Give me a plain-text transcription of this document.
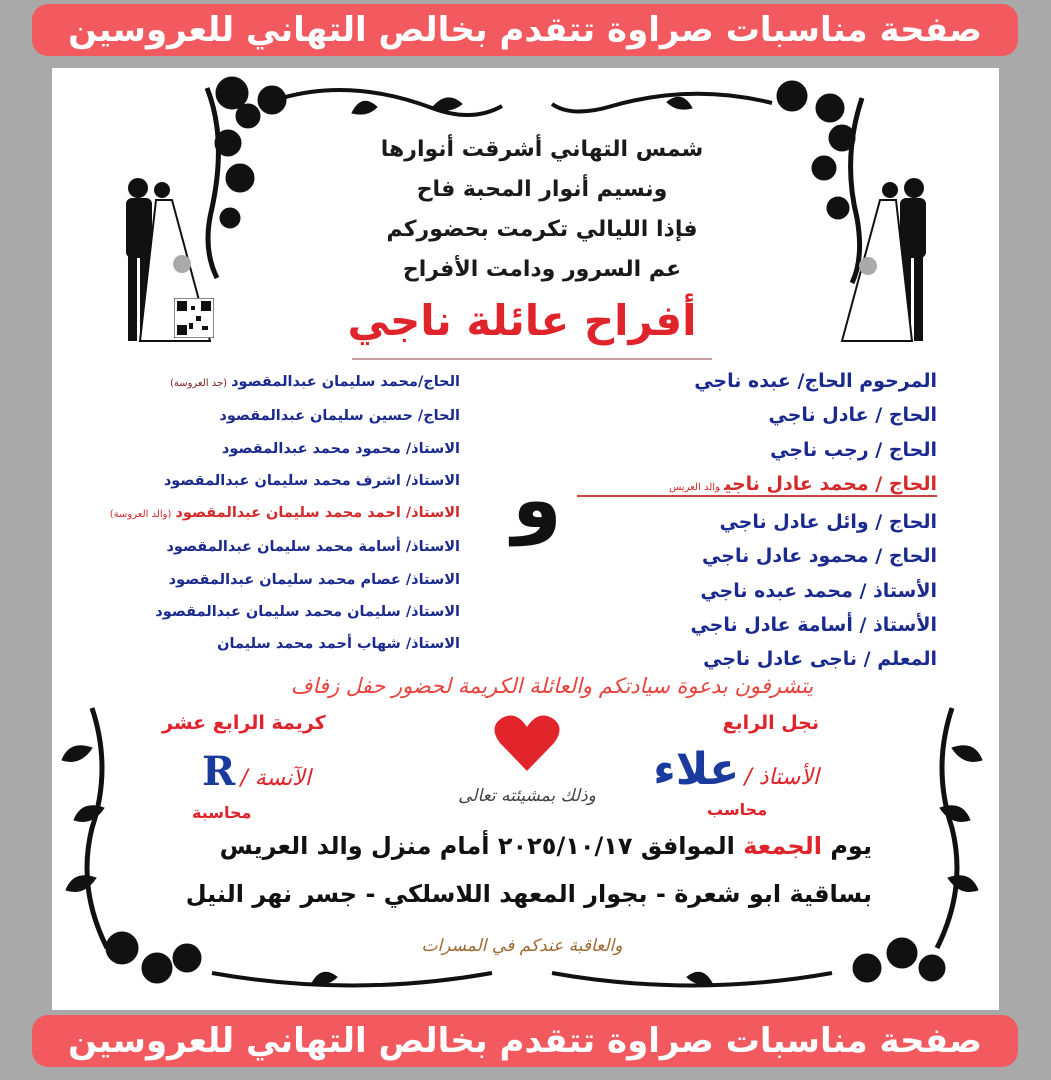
صفحة مناسبات صراوة تتقدم بخالص التهاني للعروسين
شمس التهاني أشرقت أنوارها
ونسيم أنوار المحبة فاح
فإذا الليالي تكرمت بحضوركم
عم السرور ودامت الأفراح
أفراح عائلة ناجي
المرحوم الحاج/ عبده ناجي
الحاج / عادل ناجي
الحاج / رجب ناجي
الحاج / محمد عادل ناجيوالد العريس
الحاج / وائل عادل ناجي
الحاج / محمود عادل ناجي
الأستاذ / محمد عبده ناجي
الأستاذ / أسامة عادل ناجي
المعلم / ناجى عادل ناجي
و
الحاج/محمد سليمان عبدالمقصود(جد العروسة)
الحاج/ حسين سليمان عبدالمقصود
الاستاذ/ محمود محمد عبدالمقصود
الاستاذ/ اشرف محمد سليمان عبدالمقصود
الاستاذ/ احمد محمد سليمان عبدالمقصود(والد العروسة)
الاستاذ/ أسامة محمد سليمان عبدالمقصود
الاستاذ/ عصام محمد سليمان عبدالمقصود
الاستاذ/ سليمان محمد سليمان عبدالمقصود
الاستاذ/ شهاب أحمد محمد سليمان
يتشرفون بدعوة سيادتكم والعائلة الكريمة لحضور حفل زفاف
نجل الرابع
الأستاذ / علاء
محاسب
وذلك بمشيئته تعالى
كريمة الرابع عشر
الآنسة / R
محاسبة
يوم الجمعة الموافق ٢٠٢٥/١٠/١٧ أمام منزل والد العريس
بساقية ابو شعرة - بجوار المعهد اللاسلكي - جسر نهر النيل
والعاقبة عندكم في المسرات
صفحة مناسبات صراوة تتقدم بخالص التهاني للعروسين
